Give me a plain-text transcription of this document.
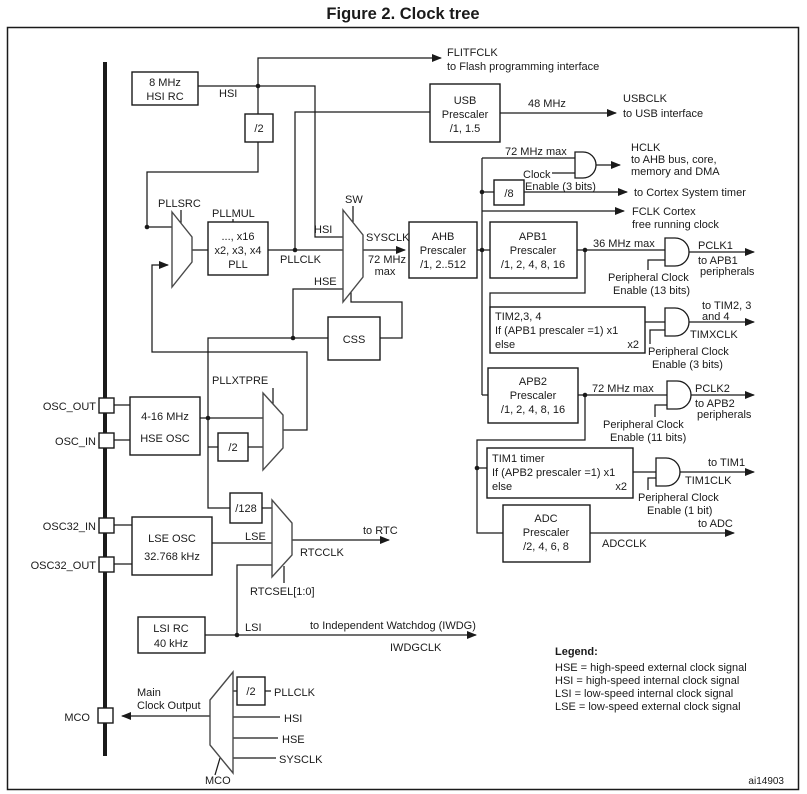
Figure 2. Clock tree
OSC_OUT
OSC_IN
OSC32_IN
OSC32_OUT
MCO
PLLSRC
PLLMUL
SW
PLLXTPRE
RTCSEL[1:0]
MCO
8 MHz
HSI RC
/2
USB
Prescaler
/1, 1.5
..., x16
x2, x3, x4
PLL
AHB
Prescaler
/1, 2..512
/8
APB1
Prescaler
/1, 2, 4, 8, 16
TIM2,3, 4
If (APB1 prescaler =1) x1
else	x2
APB2
Prescaler
/1, 2, 4, 8, 16
TIM1 timer
If (APB2 prescaler =1) x1
else	x2
ADC
Prescaler
/2, 4, 6, 8
CSS
4-16 MHz
HSE OSC
/2
/128
LSE OSC
32.768 kHz
LSI RC
40 kHz
/2
HSI
FLITFCLK
to Flash programming interface
48 MHz	USBCLK
to USB interface
72 MHz max	HCLK
to AHB bus, core,
memory and DMA
Clock
Enable (3 bits)	to Cortex System timer
FCLK Cortex
free running clock
HSI
PLLCLK
HSE
SYSCLK
72 MHz
max
36 MHz max	PCLK1
to APB1
peripherals
Peripheral Clock
Enable (13 bits)
to TIM2, 3
and 4
TIMXCLK
Peripheral Clock
Enable (3 bits)
72 MHz max	PCLK2
to APB2
peripherals
Peripheral Clock
Enable (11 bits)
to TIM1
TIM1CLK
Peripheral Clock
Enable (1 bit)
to ADC
ADCCLK
LSE	to RTC
RTCCLK
LSI	to Independent Watchdog (IWDG)
IWDGCLK
Main
Clock Output
PLLCLK
HSI
HSE
SYSCLK
Legend:
HSE = high-speed external clock signal
HSI = high-speed internal clock signal
LSI = low-speed internal clock signal
LSE = low-speed external clock signal
ai14903
